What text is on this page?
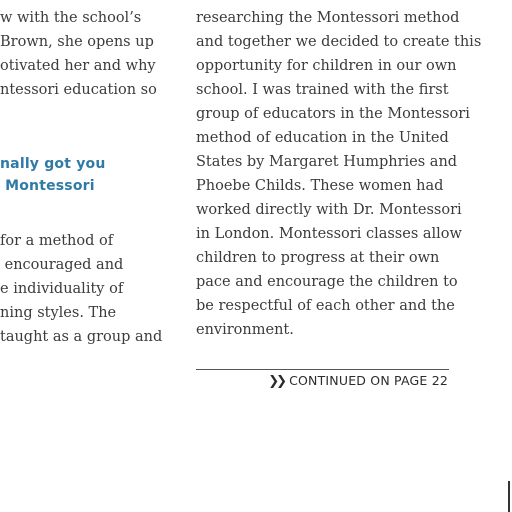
w with the school’s
Brown, she opens up
otivated her and why
ntessori education so

nally got you
Montessori

for a method of
encouraged and
e individuality of
ning styles. The
taught as a group and

researching the Montessori method
and together we decided to create this
opportunity for children in our own
school. I was trained with the first
group of educators in the Montessori
method of education in the United
States by Margaret Humphries and
Phoebe Childs. These women had
worked directly with Dr. Montessori
in London. Montessori classes allow
children to progress at their own
pace and encourage the children to
be respectful of each other and the
environment.

❯❯ CONTINUED ON PAGE 22
